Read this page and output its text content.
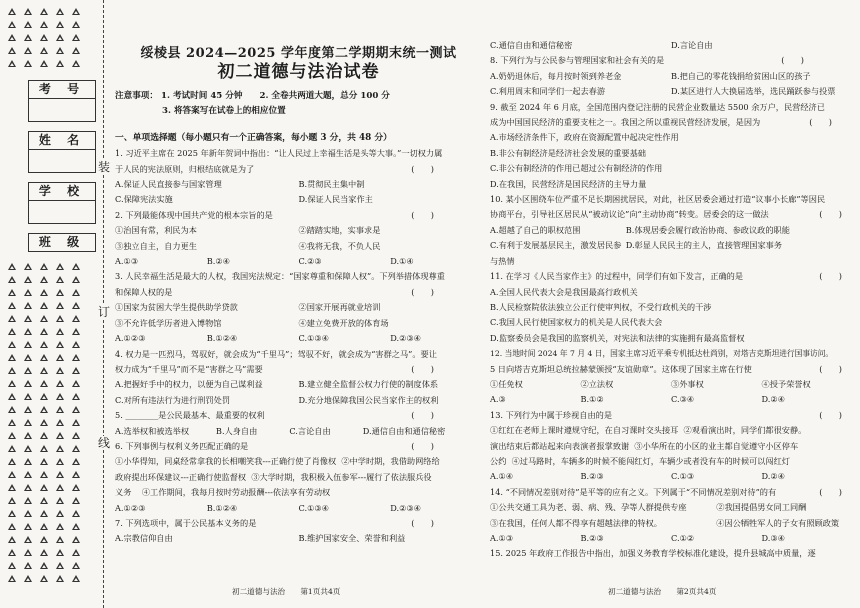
考 号
姓 名
学 校
班 级
装
订
线
绥棱县 2024—2025 学年度第二学期期末统一测试
初二道德与法治试卷
注意事项： 1. 考试时间 45 分钟 2. 全卷共两道大题，总分 100 分
3. 将答案写在试卷上的相应位置
一、单项选择题（每小题只有一个正确答案，每小题 3 分，共 48 分）
1. 习近平主席在 2025 年新年贺词中指出：“让人民过上幸福生活是头等大事。”一切权力属
于人民的宪法原则，归根结底就是为了	(　　)
A.保证人民直接参与国家管理	B.贯彻民主集中制
C.保障宪法实施	D.保证人民当家作主
2. 下列最能体现中国共产党的根本宗旨的是	(　　)
①治国有常，利民为本	②踏踏实地，实事求是
③独立自主，自力更生	④我将无我，不负人民
A.①③	B.②④	C.②③	D.①④
3. 人民幸福生活是最大的人权，我国宪法规定：“国家尊重和保障人权”。下列举措体现尊重
和保障人权的是	(　　)
①国家为贫困大学生提供助学贷款	②国家开展再就业培训
③不允许低学历者进入博物馆	④建立免费开放的体育场
A.①②③	B.①②④	C.①③④	D.②③④
4. 权力是一匹烈马，驾驭好，就会成为“千里马”；驾驭不好，就会成为“害群之马”。要让
权力成为“千里马”而不是“害群之马”需要	(　　)
A.把握好手中的权力，以便为自己谋利益	B.建立健全监督公权力行使的制度体系
C.对所有违法行为进行刑罚处罚	D.充分地保障我国公民当家作主的权利
5. ________是公民最基本、最重要的权利	(　　)
A.选举权和被选举权	B.人身自由	C.言论自由	D.通信自由和通信秘密
6. 下列事例与权利义务匹配正确的是	(　　)
①小华得知，同桌经常拿我的长相嘲笑我---正确行使了肖像权 ②中学时期，我借助网络给
政府提出环保建议---正确行使监督权 ③大学时期，我积极入伍参军---履行了依法服兵役
义务 ④工作期间，我每月按时劳动报酬---依法享有劳动权
A.①②③	B.①②④	C.①③④	D.②③④
7. 下列选项中，属于公民基本义务的是	(　　)
A.宗教信仰自由	B.维护国家安全、荣誉和利益
初二道德与法治　　第1页共4页
C.通信自由和通信秘密	D.言论自由
8. 下列行为与公民参与管理国家和社会有关的是	(　　)
A.奶奶退休后，每月按时领到养老金	B.把自己的零花钱捐给贫困山区的孩子
C.利用周末和同学们一起去春游	D.某区进行人大换届选举，选民踊跃参与投票
9. 截至 2024 年 6 月底，全国范围内登记注册的民营企业数量达 5500 余万户，民营经济已
成为中国国民经济的重要支柱之一。我国之所以重视民营经济发展，是因为	(　　)
A.市场经济条件下，政府在资源配置中起决定性作用
B.非公有制经济是经济社会发展的重要基础
C.非公有制经济的作用已超过公有制经济的作用
D.在我国，民营经济是国民经济的主导力量
10. 某小区围绕车位严重不足长期困扰居民，对此，社区居委会通过打造“议事小长廊”等因民
协商平台，引导社区居民从“被动议论”向“主动协商”转变。居委会的这一做法	(　　)
A.超越了自己的职权范围	B.体现居委会履行政治协商、参政议政的职能
C.有利于发展基层民主，激发居民参与热情
D.彰显人民民主的主人，直接管理国家事务
11. 在学习《人民当家作主》的过程中，同学们有如下发言，正确的是	(　　)
A.全国人民代表大会是我国最高行政机关
B.人民检察院依法独立公正行使审判权，不受行政机关的干涉
C.我国人民行使国家权力的机关是人民代表大会
D.监察委员会是我国的监察机关，对宪法和法律的实施拥有最高监督权
12. 当地时间 2024 年 7 月 4 日，国家主席习近平乘专机抵达杜尚别，对塔吉克斯坦进行国事访问。
5 日向塔吉克斯坦总统拉赫蒙颁授“友谊勋章”。这体现了国家主席在行使	(　　)
①任免权	②立法权	③外事权	④授予荣誉权
A.③	B.①②	C.③④	D.②④
13. 下列行为中属于珍视自由的是	(　　)
①红红在老师上课时遵规守纪，在自习课时交头接耳 ②观看演出时，同学们都很安静。
演出结束后都站起来向表演者报掌致谢 ③小华所在的小区的业主都自觉遵守小区停车
公约 ④过马路时，车辆多的时候不能闯红灯，车辆少或者没有车的时候可以闯红灯
A.①④	B.②③	C.①③	D.②④
14. “不同情况差别对待”是平等的应有之义。下列属于“不同情况差别对待”的有	(　　)
①公共交通工具为老、弱、病、残、孕等人群提供专座	②我国提倡男女同工同酬
③在我国，任何人都不得享有超越法律的特权。	④因公牺牲军人的子女有照顾政策
A.①③	B.②③	C.①②	D.③④
15. 2025 年政府工作报告中指出，加强义务教育学校标准化建设，提升县城高中质量，逐
初二道德与法治　　第2页共4页
